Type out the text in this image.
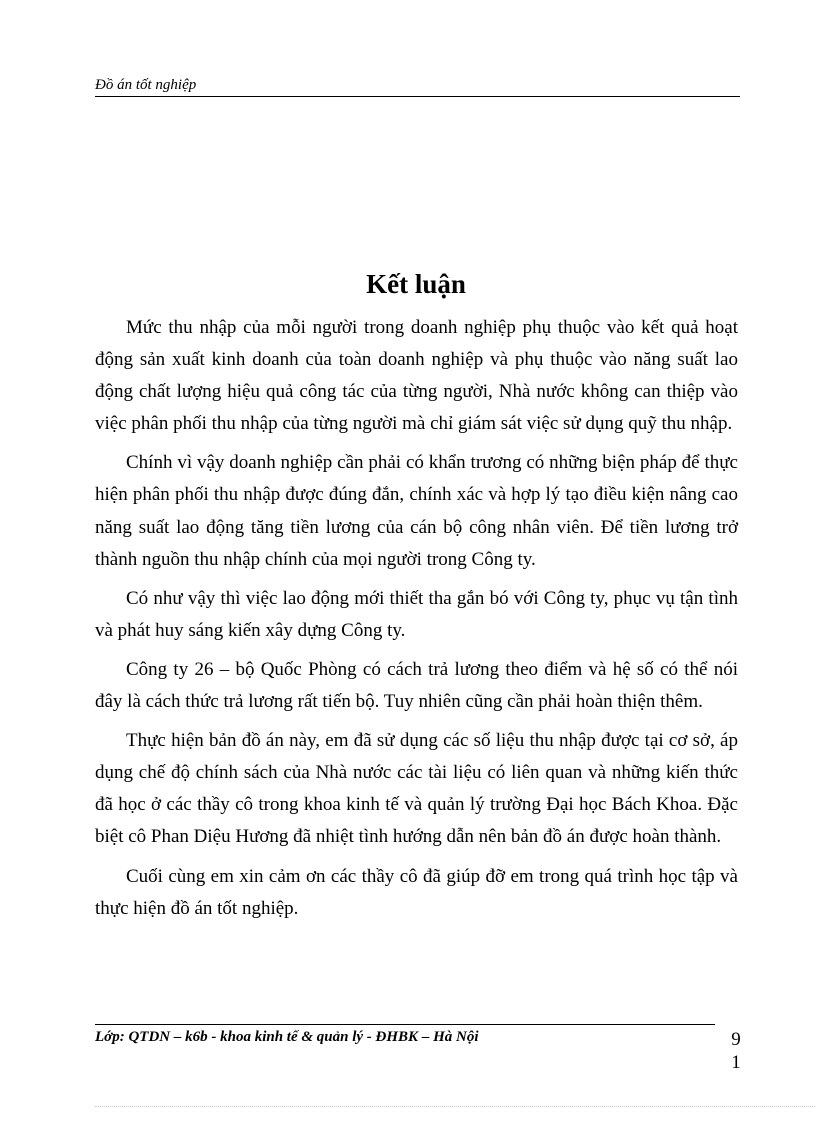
Đồ án tốt nghiệp
Kết luận

Mức thu nhập của mỗi người trong doanh nghiệp phụ thuộc vào kết quả hoạt động sản xuất kinh doanh của toàn doanh nghiệp và phụ thuộc vào năng suất lao động chất lượng hiệu quả công tác của từng người, Nhà nước không can thiệp vào việc phân phối thu nhập của từng người mà chỉ giám sát việc sử dụng quỹ thu nhập.

Chính vì vậy doanh nghiệp cần phải có khẩn trương có những biện pháp để thực hiện phân phối thu nhập được đúng đắn, chính xác và hợp lý tạo điều kiện nâng cao năng suất lao động tăng tiền lương của cán bộ công nhân viên. Để tiền lương trở thành nguồn thu nhập chính của mọi người trong Công ty.

Có như vậy thì việc lao động mới thiết tha gắn bó với Công ty, phục vụ tận tình và phát huy sáng kiến xây dựng Công ty.

Công ty 26 – bộ Quốc Phòng có cách trả lương theo điểm và hệ số có thể nói đây là cách thức trả lương rất tiến bộ. Tuy nhiên cũng cần phải hoàn thiện thêm.

Thực hiện bản đồ án này, em đã sử dụng các số liệu thu nhập được tại cơ sở, áp dụng chế độ chính sách của Nhà nước các tài liệu có liên quan và những kiến thức đã học ở các thầy cô trong khoa kinh tế và quản lý trường Đại học Bách Khoa. Đặc biệt cô Phan Diệu Hương đã nhiệt tình hướng dẫn nên bản đồ án được hoàn thành.

Cuối cùng em xin cảm ơn các thầy cô đã giúp đỡ em trong quá trình học tập và thực hiện đồ án tốt nghiệp.

Lớp: QTDN – k6b - khoa kinh tế & quản lý - ĐHBK – Hà Nội	9
1
